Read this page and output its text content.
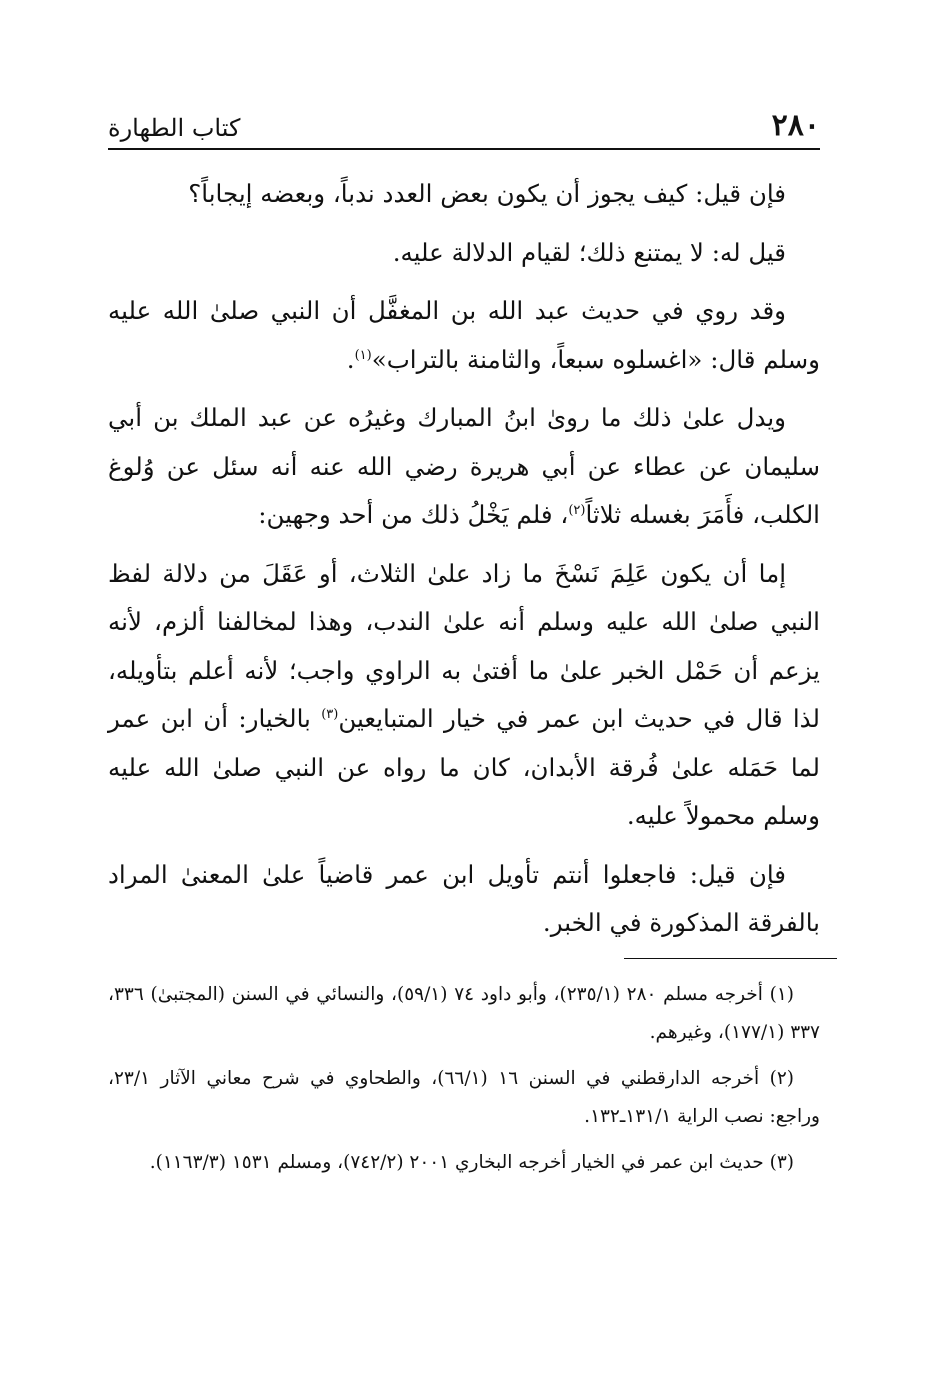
٢٨٠
كتاب الطهارة

فإن قيل: كيف يجوز أن يكون بعض العدد ندباً، وبعضه إيجاباً؟

قيل له: لا يمتنع ذلك؛ لقيام الدلالة عليه.

وقد روي في حديث عبد الله بن المغفَّل أن النبي صلىٰ الله عليه وسلم قال: «اغسلوه سبعاً، والثامنة بالتراب»$^{(١)}$.

ويدل علىٰ ذلك ما روىٰ ابنُ المبارك وغيرُه عن عبد الملك بن أبي سليمان عن عطاء عن أبي هريرة رضي الله عنه أنه سئل عن وُلوغ الكلب، فأَمَرَ بغسله ثلاثاً$^{(٢)}$، فلم يَخْلُ ذلك من أحد وجهين:

إما أن يكون عَلِمَ نَسْخَ ما زاد علىٰ الثلاث، أو عَقَلَ من دلالة لفظ النبي صلىٰ الله عليه وسلم أنه علىٰ الندب، وهذا لمخالفنا ألزم، لأنه يزعم أن حَمْل الخبر علىٰ ما أفتىٰ به الراوي واجب؛ لأنه أعلم بتأويله، لذا قال في حديث ابن عمر في خيار المتبايعين$^{(٣)}$ بالخيار: أن ابن عمر لما حَمَله علىٰ فُرقة الأبدان، كان ما رواه عن النبي صلىٰ الله عليه وسلم محمولاً عليه.

فإن قيل: فاجعلوا أنتم تأويل ابن عمر قاضياً علىٰ المعنىٰ المراد بالفرقة المذكورة في الخبر.

(١) أخرجه مسلم ٢٨٠ (٢٣٥/١)، وأبو داود ٧٤ (٥٩/١)، والنسائي في السنن (المجتبىٰ) ٣٣٦، ٣٣٧ (١٧٧/١)، وغيرهم.

(٢) أخرجه الدارقطني في السنن ١٦ (٦٦/١)، والطحاوي في شرح معاني الآثار ٢٣/١، وراجع: نصب الراية ١٣١/١ـ١٣٢.

(٣) حديث ابن عمر في الخيار أخرجه البخاري ٢٠٠١ (٧٤٢/٢)، ومسلم ١٥٣١ (١١٦٣/٣).
